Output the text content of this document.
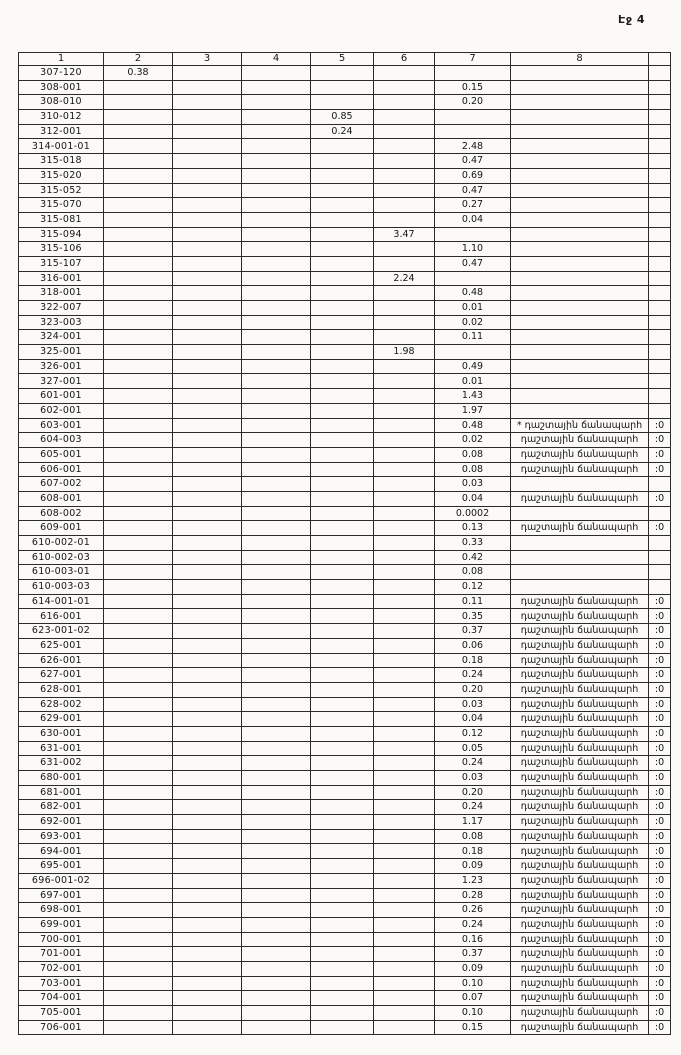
Էջ 4
1	2	3	4	5	6	7	8	
307-120	0.38							
308-001						0.15		
308-010						0.20		
310-012				0.85				
312-001				0.24				
314-001-01						2.48		
315-018						0.47		
315-020						0.69		
315-052						0.47		
315-070						0.27		
315-081						0.04		
315-094					3.47			
315-106						1.10		
315-107						0.47		
316-001					2.24			
318-001						0.48		
322-007						0.01		
323-003						0.02		
324-001						0.11		
325-001					1.98			
326-001						0.49		
327-001						0.01		
601-001						1.43		
602-001						1.97		
603-001						0.48	* դաշտային ճանապարհ	:0
604-003						0.02	դաշտային ճանապարհ	:0
605-001						0.08	դաշտային ճանապարհ	:0
606-001						0.08	դաշտային ճանապարհ	:0
607-002						0.03		
608-001						0.04	դաշտային ճանապարհ	:0
608-002						0.0002		
609-001						0.13	դաշտային ճանապարհ	:0
610-002-01						0.33		
610-002-03						0.42		
610-003-01						0.08		
610-003-03						0.12		
614-001-01						0.11	դաշտային ճանապարհ	:0
616-001						0.35	դաշտային ճանապարհ	:0
623-001-02						0.37	դաշտային ճանապարհ	:0
625-001						0.06	դաշտային ճանապարհ	:0
626-001						0.18	դաշտային ճանապարհ	:0
627-001						0.24	դաշտային ճանապարհ	:0
628-001						0.20	դաշտային ճանապարհ	:0
628-002						0.03	դաշտային ճանապարհ	:0
629-001						0.04	դաշտային ճանապարհ	:0
630-001						0.12	դաշտային ճանապարհ	:0
631-001						0.05	դաշտային ճանապարհ	:0
631-002						0.24	դաշտային ճանապարհ	:0
680-001						0.03	դաշտային ճանապարհ	:0
681-001						0.20	դաշտային ճանապարհ	:0
682-001						0.24	դաշտային ճանապարհ	:0
692-001						1.17	դաշտային ճանապարհ	:0
693-001						0.08	դաշտային ճանապարհ	:0
694-001						0.18	դաշտային ճանապարհ	:0
695-001						0.09	դաշտային ճանապարհ	:0
696-001-02						1.23	դաշտային ճանապարհ	:0
697-001						0.28	դաշտային ճանապարհ	:0
698-001						0.26	դաշտային ճանապարհ	:0
699-001						0.24	դաշտային ճանապարհ	:0
700-001						0.16	դաշտային ճանապարհ	:0
701-001						0.37	դաշտային ճանապարհ	:0
702-001						0.09	դաշտային ճանապարհ	:0
703-001						0.10	դաշտային ճանապարհ	:0
704-001						0.07	դաշտային ճանապարհ	:0
705-001						0.10	դաշտային ճանապարհ	:0
706-001						0.15	դաշտային ճանապարհ	:0
